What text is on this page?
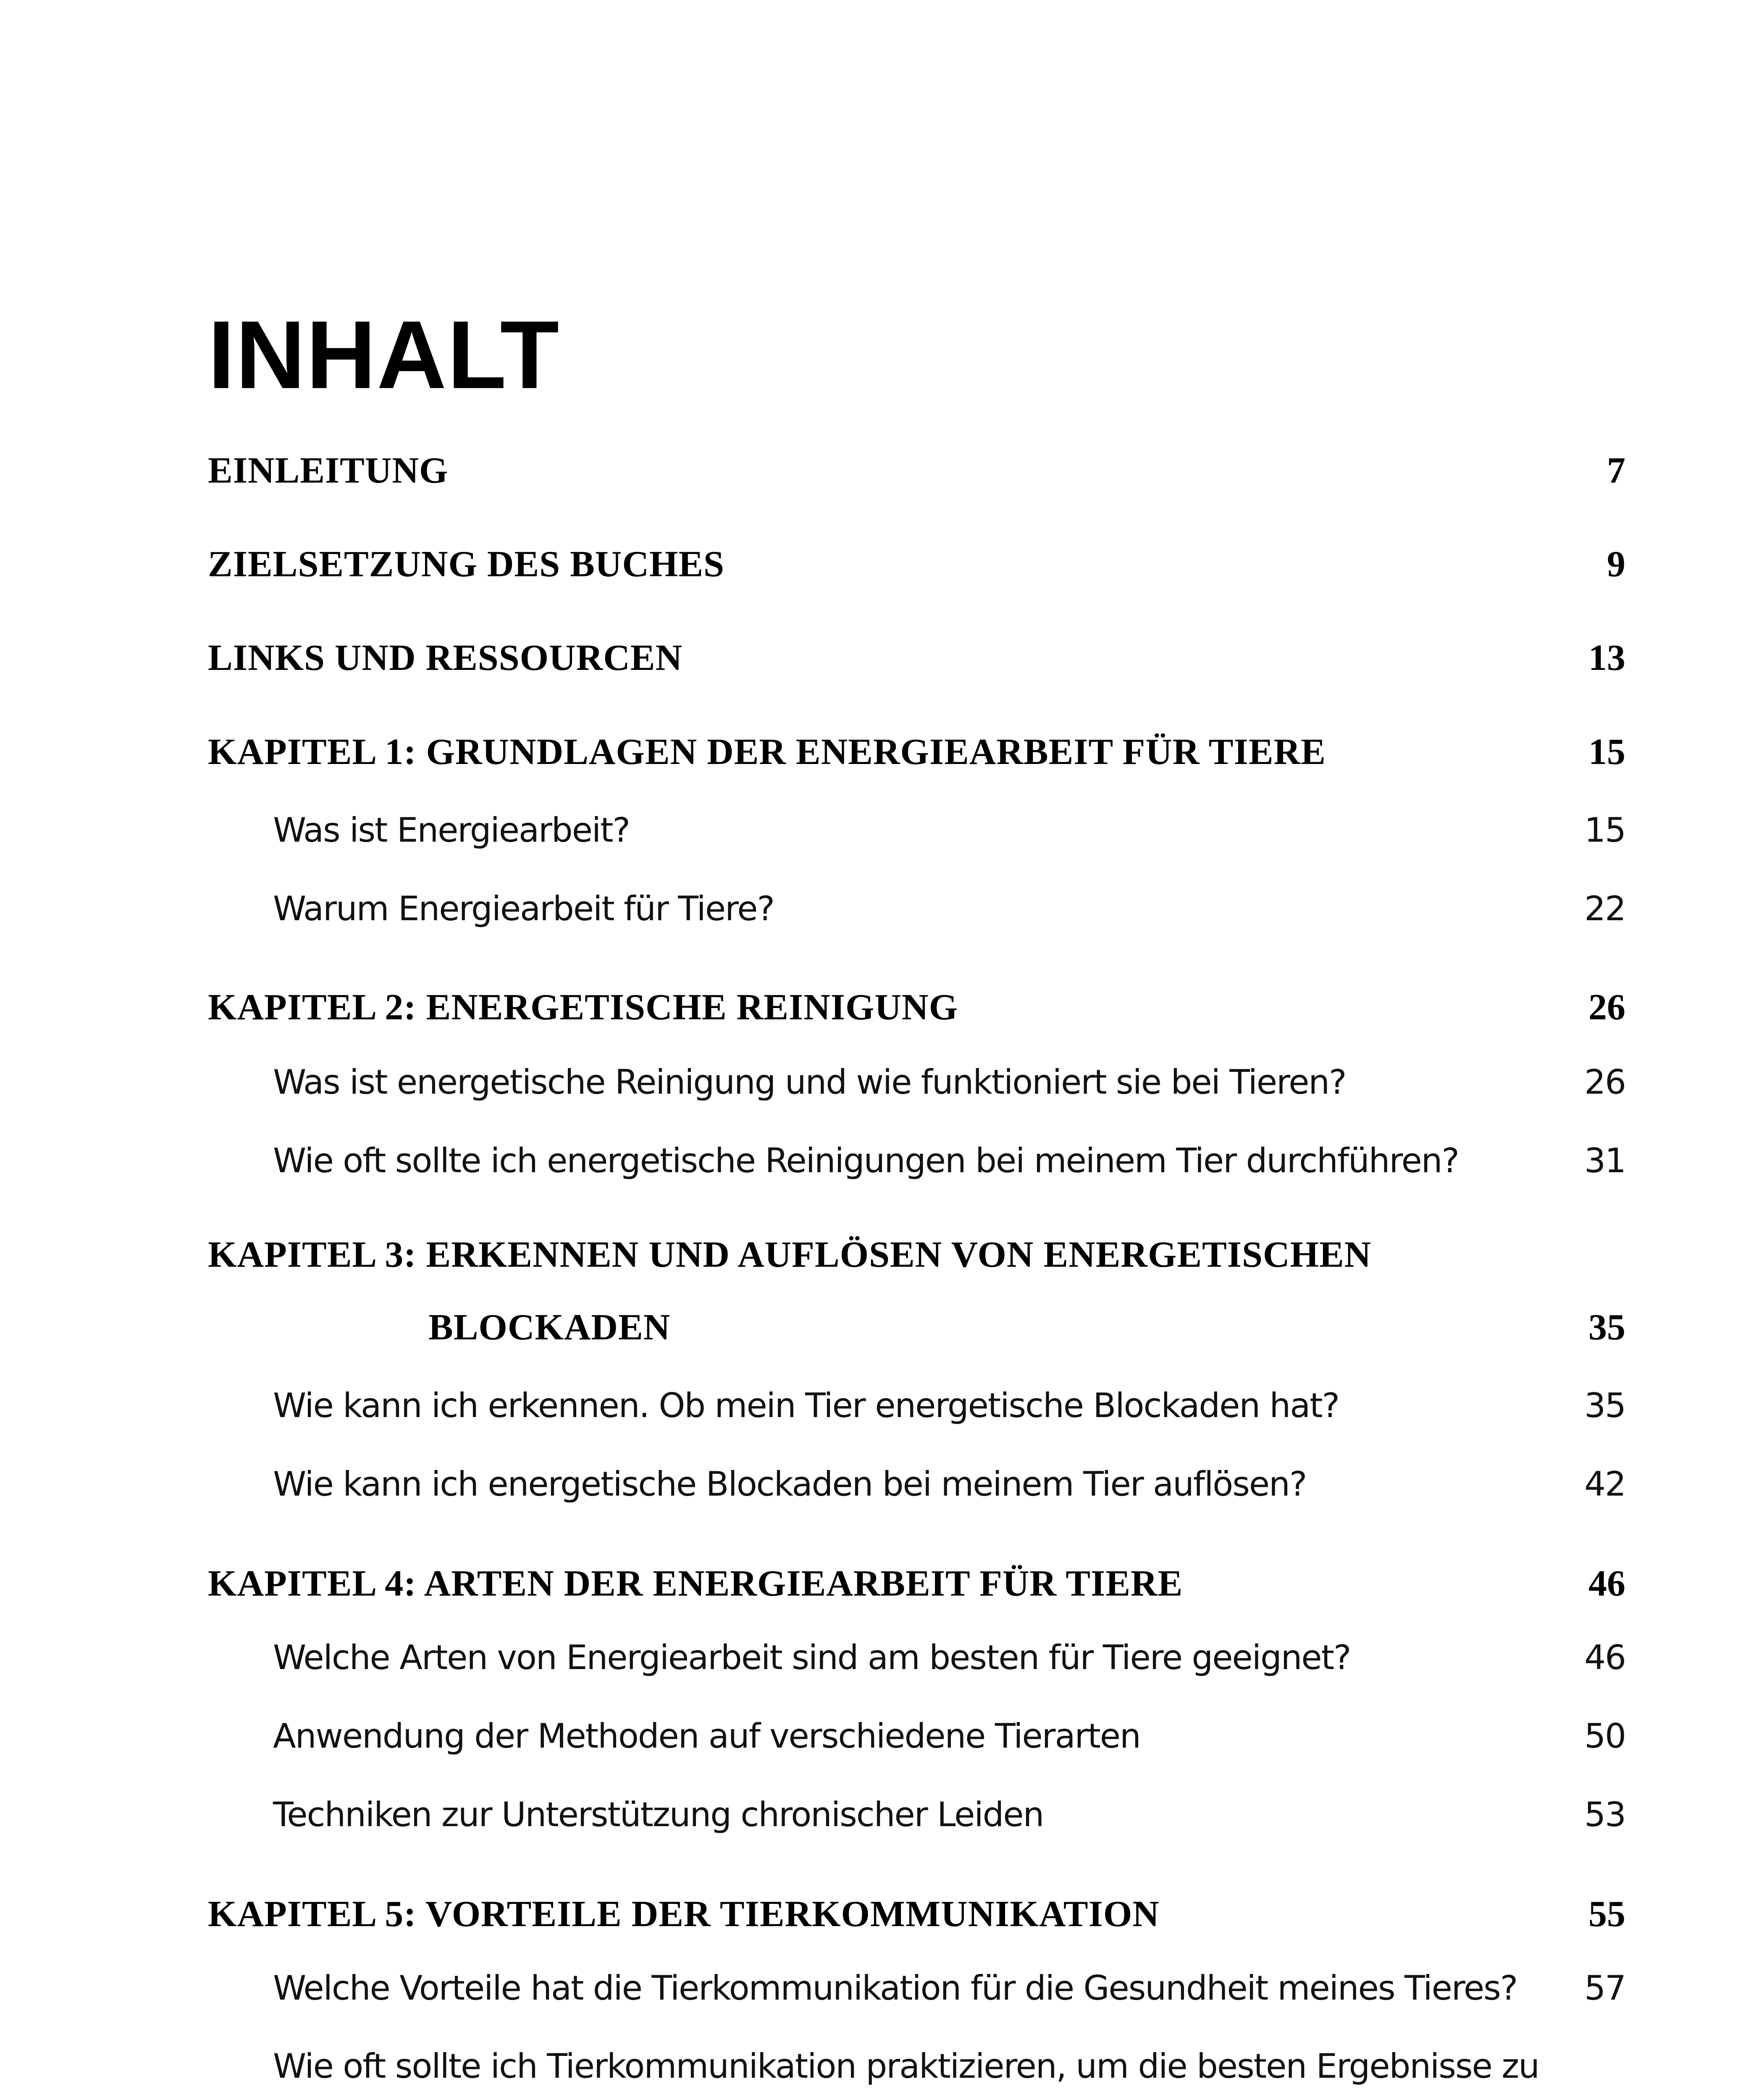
INHALT
EINLEITUNG	7
ZIELSETZUNG DES BUCHES	9
LINKS UND RESSOURCEN	13
KAPITEL 1: GRUNDLAGEN DER ENERGIEARBEIT FÜR TIERE	15
Was ist Energiearbeit?	15
Warum Energiearbeit für Tiere?	22
KAPITEL 2: ENERGETISCHE REINIGUNG	26
Was ist energetische Reinigung und wie funktioniert sie bei Tieren?	26
Wie oft sollte ich energetische Reinigungen bei meinem Tier durchführen?	31
KAPITEL 3: ERKENNEN UND AUFLÖSEN VON ENERGETISCHEN
BLOCKADEN	35
Wie kann ich erkennen. Ob mein Tier energetische Blockaden hat?	35
Wie kann ich energetische Blockaden bei meinem Tier auflösen?	42
KAPITEL 4: ARTEN DER ENERGIEARBEIT FÜR TIERE	46
Welche Arten von Energiearbeit sind am besten für Tiere geeignet?	46
Anwendung der Methoden auf verschiedene Tierarten	50
Techniken zur Unterstützung chronischer Leiden	53
KAPITEL 5: VORTEILE DER TIERKOMMUNIKATION	55
Welche Vorteile hat die Tierkommunikation für die Gesundheit meines Tieres? 57
Wie oft sollte ich Tierkommunikation praktizieren, um die besten Ergebnisse zu
